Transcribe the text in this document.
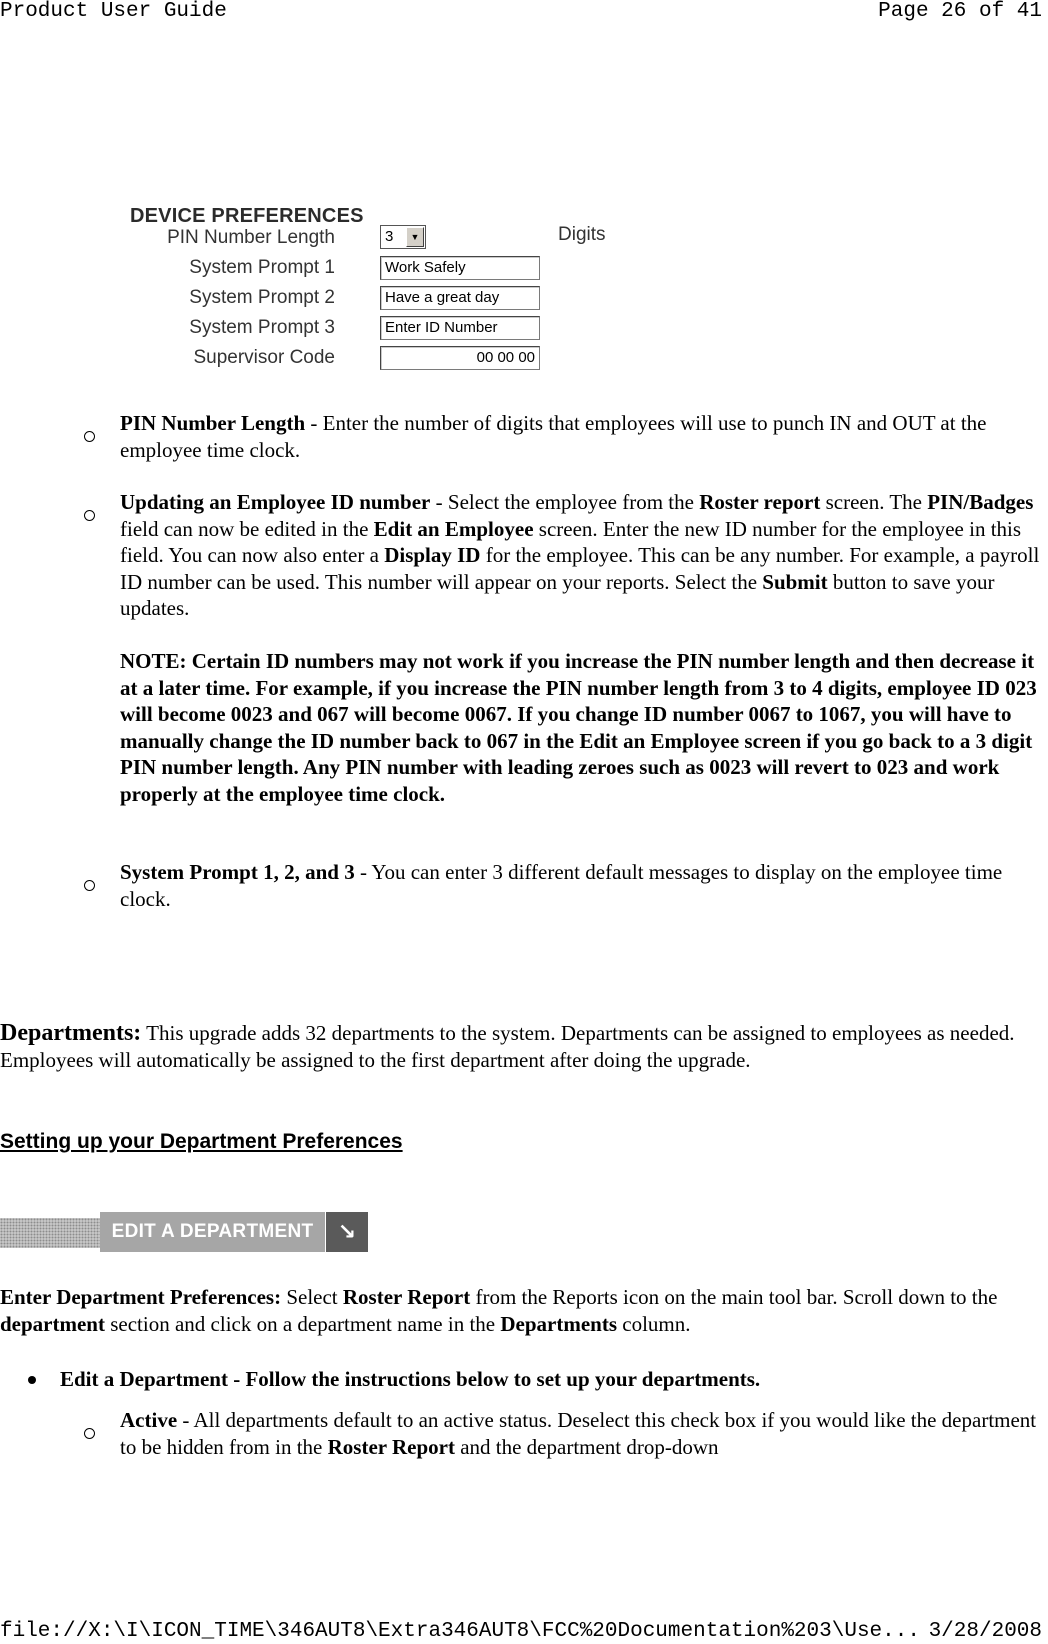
Product User Guide	Page 26 of 41
DEVICE PREFERENCES
PIN Number Length	3	▼	Digits
System Prompt 1	Work Safely
System Prompt 2	Have a great day
System Prompt 3	Enter ID Number
Supervisor Code	00 00 00
PIN Number Length - Enter the number of digits that employees will use to punch IN and OUT at the employee time clock.
Updating an Employee ID number - Select the employee from the Roster report screen. The PIN/Badges field can now be edited in the Edit an Employee screen. Enter the new ID number for the employee in this field. You can now also enter a Display ID for the employee. This can be any number. For example, a payroll ID number can be used. This number will appear on your reports. Select the Submit button to save your updates.
NOTE: Certain ID numbers may not work if you increase the PIN number length and then decrease it at a later time. For example, if you increase the PIN number length from 3 to 4 digits, employee ID 023 will become 0023 and 067 will become 0067. If you change ID number 0067 to 1067, you will have to manually change the ID number back to 067 in the Edit an Employee screen if you go back to a 3 digit PIN number length. Any PIN number with leading zeroes such as 0023 will revert to 023 and work properly at the employee time clock.
System Prompt 1, 2, and 3 - You can enter 3 different default messages to display on the employee time clock.
Departments: This upgrade adds 32 departments to the system. Departments can be assigned to employees as needed. Employees will automatically be assigned to the first department after doing the upgrade.
Setting up your Department Preferences
EDIT A DEPARTMENT	↘
Enter Department Preferences: Select Roster Report from the Reports icon on the main tool bar. Scroll down to the department section and click on a department name in the Departments column.
Edit a Department - Follow the instructions below to set up your departments.
Active - All departments default to an active status. Deselect this check box if you would like the department to be hidden from in the Roster Report and the department drop-down
file://X:\I\ICON_TIME\346AUT8\Extra346AUT8\FCC%20Documentation%203\Use... 3/28/2008
